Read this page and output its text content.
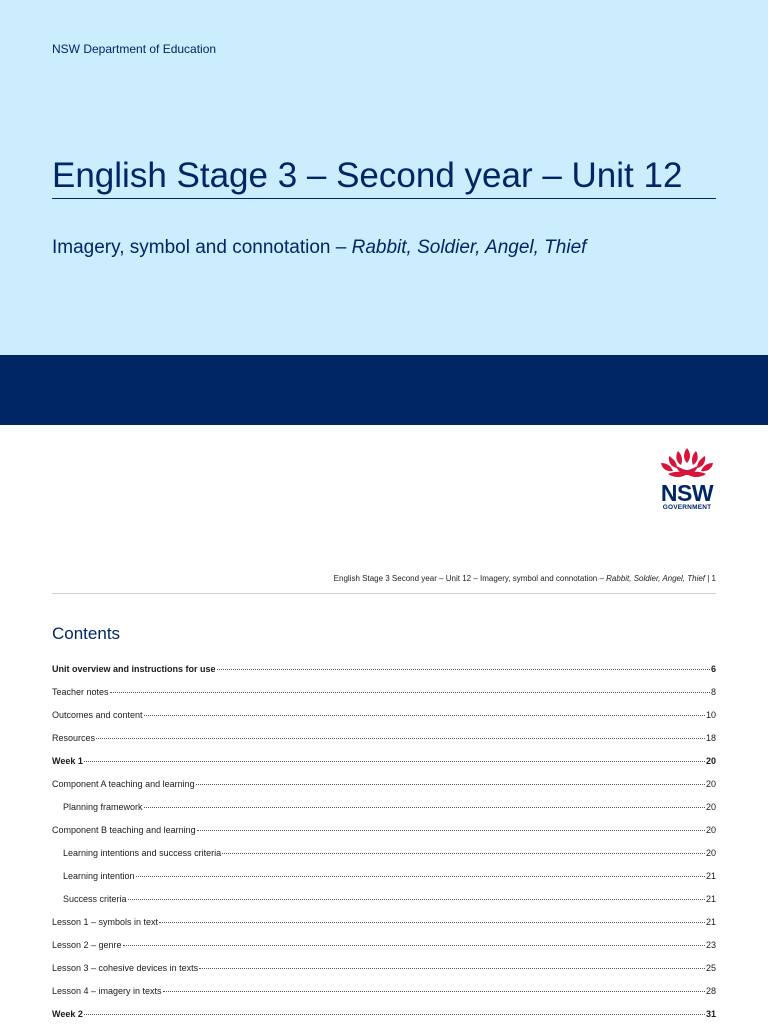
NSW Department of Education
English Stage 3 – Second year – Unit 12
Imagery, symbol and connotation – Rabbit, Soldier, Angel, Thief
NSW
GOVERNMENT
English Stage 3 Second year – Unit 12 – Imagery, symbol and connotation – Rabbit, Soldier, Angel, Thief | 1
Contents
Unit overview and instructions for use	6
Teacher notes	8
Outcomes and content	10
Resources	18
Week 1	20
Component A teaching and learning	20
Planning framework	20
Component B teaching and learning	20
Learning intentions and success criteria	20
Learning intention	21
Success criteria	21
Lesson 1 – symbols in text	21
Lesson 2 – genre	23
Lesson 3 – cohesive devices in texts	25
Lesson 4 – imagery in texts	28
Week 2	31
